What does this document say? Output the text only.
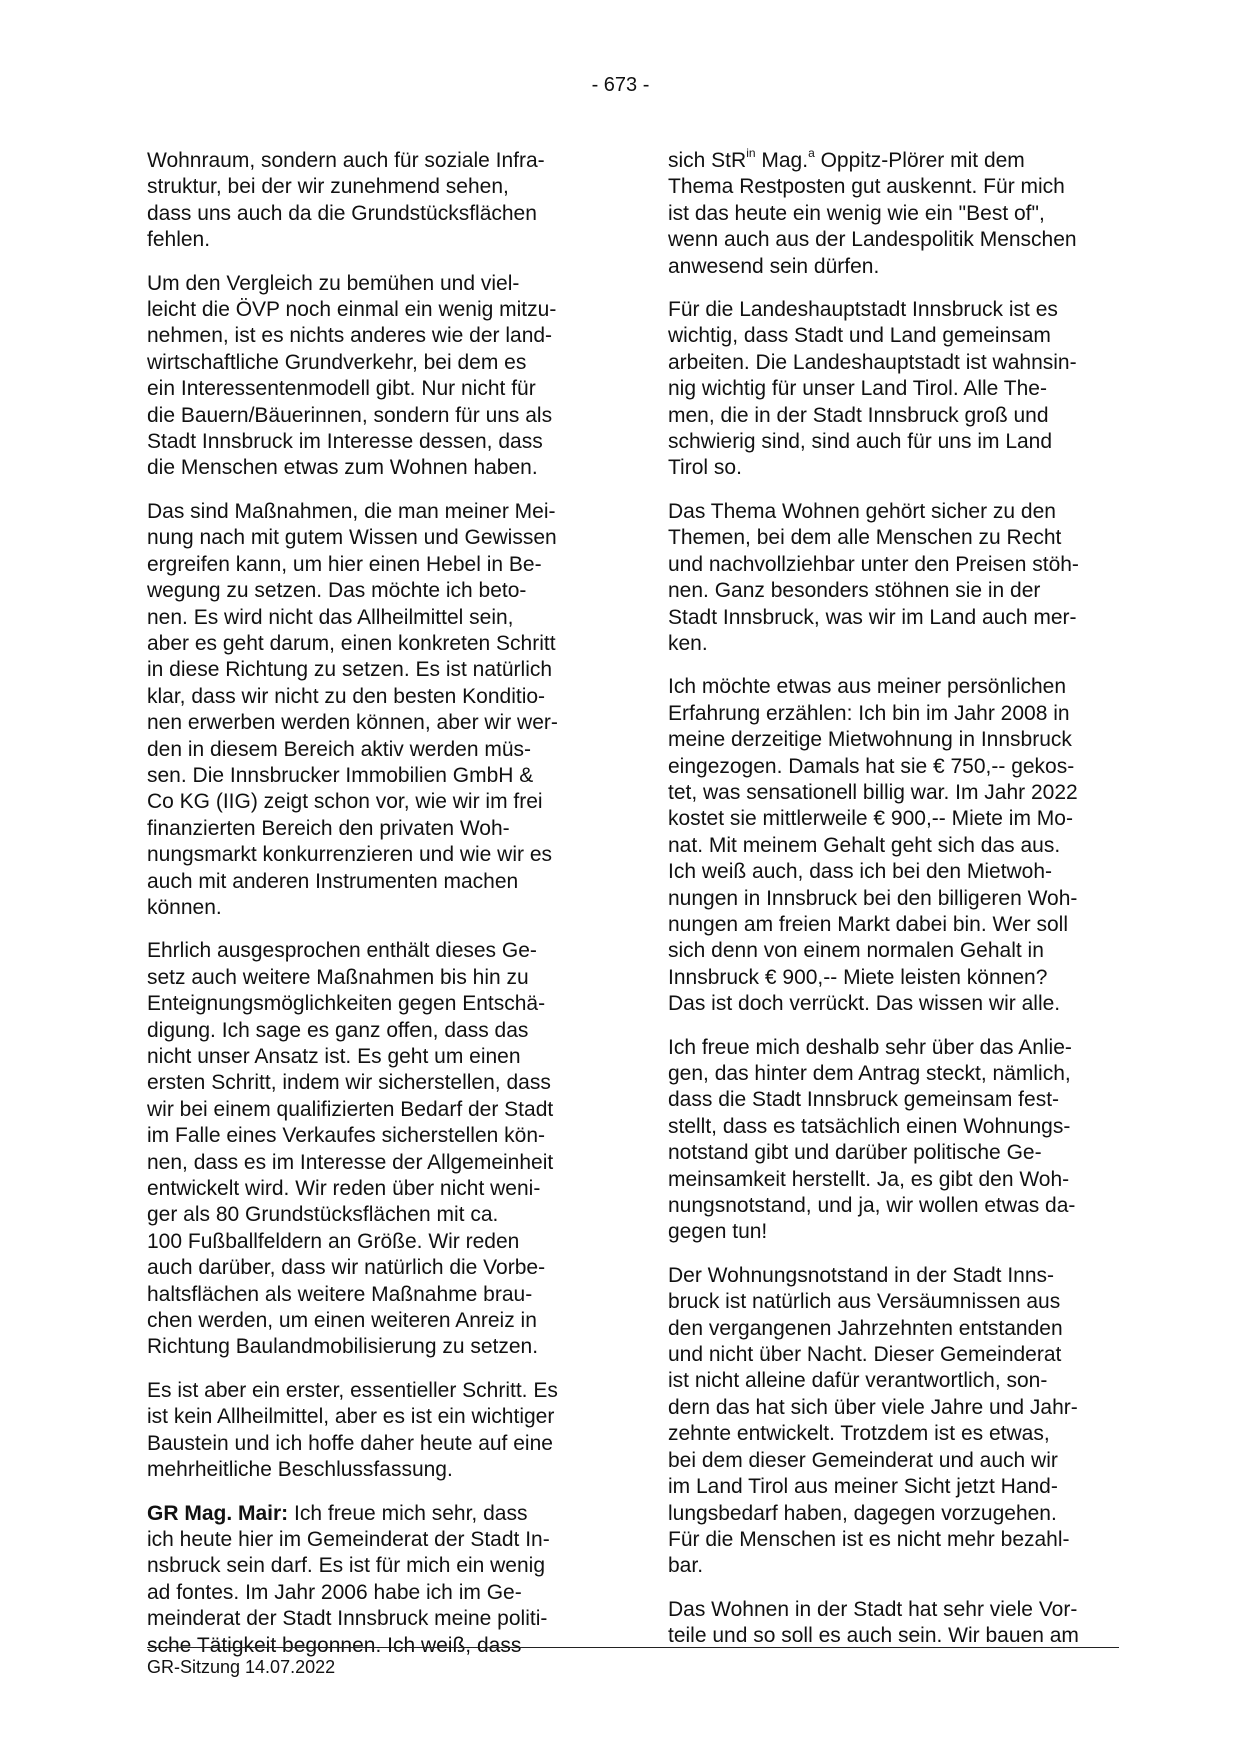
- 673 -

Wohnraum, sondern auch für soziale Infra-
struktur, bei der wir zunehmend sehen,
dass uns auch da die Grundstücksflächen
fehlen.

Um den Vergleich zu bemühen und viel-
leicht die ÖVP noch einmal ein wenig mitzu-
nehmen, ist es nichts anderes wie der land-
wirtschaftliche Grundverkehr, bei dem es
ein Interessentenmodell gibt. Nur nicht für
die Bauern/Bäuerinnen, sondern für uns als
Stadt Innsbruck im Interesse dessen, dass
die Menschen etwas zum Wohnen haben.

Das sind Maßnahmen, die man meiner Mei-
nung nach mit gutem Wissen und Gewissen
ergreifen kann, um hier einen Hebel in Be-
wegung zu setzen. Das möchte ich beto-
nen. Es wird nicht das Allheilmittel sein,
aber es geht darum, einen konkreten Schritt
in diese Richtung zu setzen. Es ist natürlich
klar, dass wir nicht zu den besten Konditio-
nen erwerben werden können, aber wir wer-
den in diesem Bereich aktiv werden müs-
sen. Die Innsbrucker Immobilien GmbH &
Co KG (IIG) zeigt schon vor, wie wir im frei
finanzierten Bereich den privaten Woh-
nungsmarkt konkurrenzieren und wie wir es
auch mit anderen Instrumenten machen
können.

Ehrlich ausgesprochen enthält dieses Ge-
setz auch weitere Maßnahmen bis hin zu
Enteignungsmöglichkeiten gegen Entschä-
digung. Ich sage es ganz offen, dass das
nicht unser Ansatz ist. Es geht um einen
ersten Schritt, indem wir sicherstellen, dass
wir bei einem qualifizierten Bedarf der Stadt
im Falle eines Verkaufes sicherstellen kön-
nen, dass es im Interesse der Allgemeinheit
entwickelt wird. Wir reden über nicht weni-
ger als 80 Grundstücksflächen mit ca.
100 Fußballfeldern an Größe. Wir reden
auch darüber, dass wir natürlich die Vorbe-
haltsflächen als weitere Maßnahme brau-
chen werden, um einen weiteren Anreiz in
Richtung Baulandmobilisierung zu setzen.

Es ist aber ein erster, essentieller Schritt. Es
ist kein Allheilmittel, aber es ist ein wichtiger
Baustein und ich hoffe daher heute auf eine
mehrheitliche Beschlussfassung.

GR Mag. Mair: Ich freue mich sehr, dass
ich heute hier im Gemeinderat der Stadt In-
nsbruck sein darf. Es ist für mich ein wenig
ad fontes. Im Jahr 2006 habe ich im Ge-
meinderat der Stadt Innsbruck meine politi-
sche Tätigkeit begonnen. Ich weiß, dass

sich StR$^{in}$ Mag.$^a$ Oppitz-Plörer mit dem
Thema Restposten gut auskennt. Für mich
ist das heute ein wenig wie ein "Best of",
wenn auch aus der Landespolitik Menschen
anwesend sein dürfen.

Für die Landeshauptstadt Innsbruck ist es
wichtig, dass Stadt und Land gemeinsam
arbeiten. Die Landeshauptstadt ist wahnsin-
nig wichtig für unser Land Tirol. Alle The-
men, die in der Stadt Innsbruck groß und
schwierig sind, sind auch für uns im Land
Tirol so.

Das Thema Wohnen gehört sicher zu den
Themen, bei dem alle Menschen zu Recht
und nachvollziehbar unter den Preisen stöh-
nen. Ganz besonders stöhnen sie in der
Stadt Innsbruck, was wir im Land auch mer-
ken.

Ich möchte etwas aus meiner persönlichen
Erfahrung erzählen: Ich bin im Jahr 2008 in
meine derzeitige Mietwohnung in Innsbruck
eingezogen. Damals hat sie € 750,-- gekos-
tet, was sensationell billig war. Im Jahr 2022
kostet sie mittlerweile € 900,-- Miete im Mo-
nat. Mit meinem Gehalt geht sich das aus.
Ich weiß auch, dass ich bei den Mietwoh-
nungen in Innsbruck bei den billigeren Woh-
nungen am freien Markt dabei bin. Wer soll
sich denn von einem normalen Gehalt in
Innsbruck € 900,-- Miete leisten können?
Das ist doch verrückt. Das wissen wir alle.

Ich freue mich deshalb sehr über das Anlie-
gen, das hinter dem Antrag steckt, nämlich,
dass die Stadt Innsbruck gemeinsam fest-
stellt, dass es tatsächlich einen Wohnungs-
notstand gibt und darüber politische Ge-
meinsamkeit herstellt. Ja, es gibt den Woh-
nungsnotstand, und ja, wir wollen etwas da-
gegen tun!

Der Wohnungsnotstand in der Stadt Inns-
bruck ist natürlich aus Versäumnissen aus
den vergangenen Jahrzehnten entstanden
und nicht über Nacht. Dieser Gemeinderat
ist nicht alleine dafür verantwortlich, son-
dern das hat sich über viele Jahre und Jahr-
zehnte entwickelt. Trotzdem ist es etwas,
bei dem dieser Gemeinderat und auch wir
im Land Tirol aus meiner Sicht jetzt Hand-
lungsbedarf haben, dagegen vorzugehen.
Für die Menschen ist es nicht mehr bezahl-
bar.

Das Wohnen in der Stadt hat sehr viele Vor-
teile und so soll es auch sein. Wir bauen am

GR-Sitzung 14.07.2022
